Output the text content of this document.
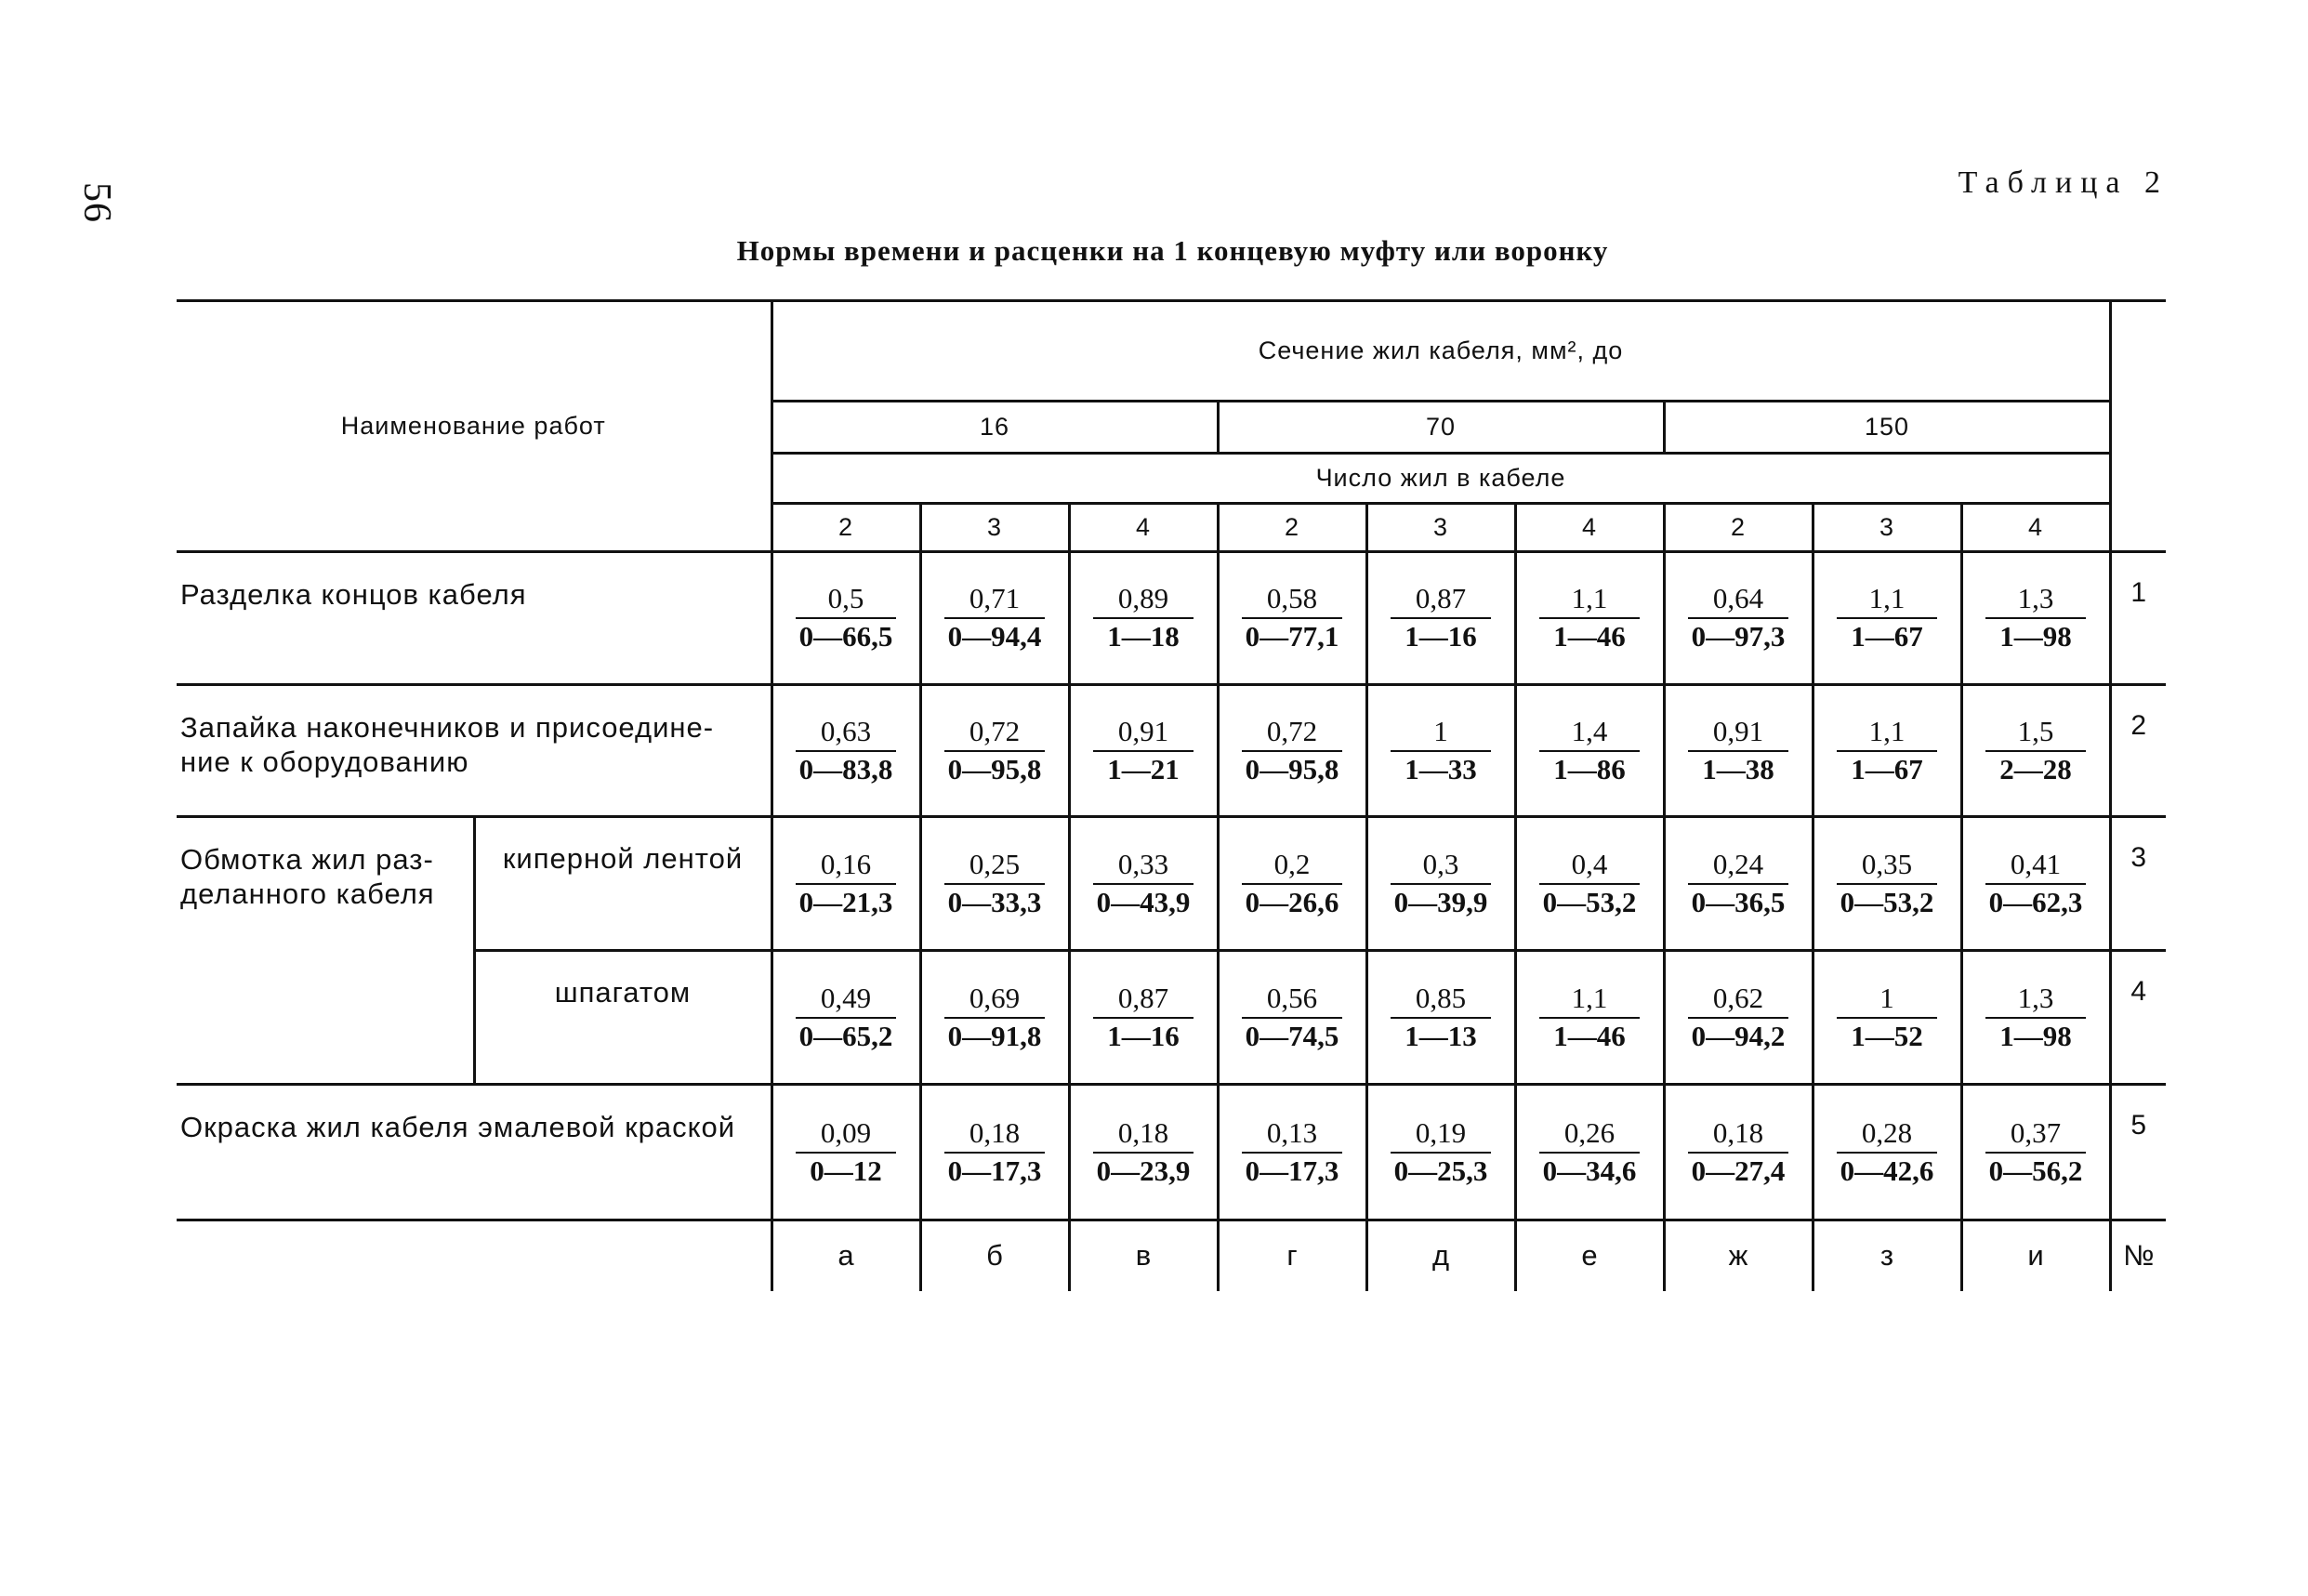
56	Таблица 2
Нормы времени и расценки на 1 концевую муфту или воронку
Наименование работ		Сечение жил кабеля, мм², до									
		16			70			150			
		Число жил в кабеле									
		2	3	4	2	3	4	2	3	4	
Разделка концов кабеля		$\frac{0,5}{0—66,5}$	$\frac{0,71}{0—94,4}$	$\frac{0,89}{1—18}$	$\frac{0,58}{0—77,1}$	$\frac{0,87}{1—16}$	$\frac{1,1}{1—46}$	$\frac{0,64}{0—97,3}$	$\frac{1,1}{1—67}$	$\frac{1,3}{1—98}$	1
Запайка наконечников и присоедине-ние к оборудованию		$\frac{0,63}{0—83,8}$	$\frac{0,72}{0—95,8}$	$\frac{0,91}{1—21}$	$\frac{0,72}{0—95,8}$	$\frac{1}{1—33}$	$\frac{1,4}{1—86}$	$\frac{0,91}{1—38}$	$\frac{1,1}{1—67}$	$\frac{1,5}{2—28}$	2
Обмотка жил раз-деланного кабеля	киперной лентой	$\frac{0,16}{0—21,3}$	$\frac{0,25}{0—33,3}$	$\frac{0,33}{0—43,9}$	$\frac{0,2}{0—26,6}$	$\frac{0,3}{0—39,9}$	$\frac{0,4}{0—53,2}$	$\frac{0,24}{0—36,5}$	$\frac{0,35}{0—53,2}$	$\frac{0,41}{0—62,3}$	3
	шпагатом	$\frac{0,49}{0—65,2}$	$\frac{0,69}{0—91,8}$	$\frac{0,87}{1—16}$	$\frac{0,56}{0—74,5}$	$\frac{0,85}{1—13}$	$\frac{1,1}{1—46}$	$\frac{0,62}{0—94,2}$	$\frac{1}{1—52}$	$\frac{1,3}{1—98}$	4
Окраска жил кабеля эмалевой краской		$\frac{0,09}{0—12}$	$\frac{0,18}{0—17,3}$	$\frac{0,18}{0—23,9}$	$\frac{0,13}{0—17,3}$	$\frac{0,19}{0—25,3}$	$\frac{0,26}{0—34,6}$	$\frac{0,18}{0—27,4}$	$\frac{0,28}{0—42,6}$	$\frac{0,37}{0—56,2}$	5
		а	б	в	г	д	е	ж	з	и	№
